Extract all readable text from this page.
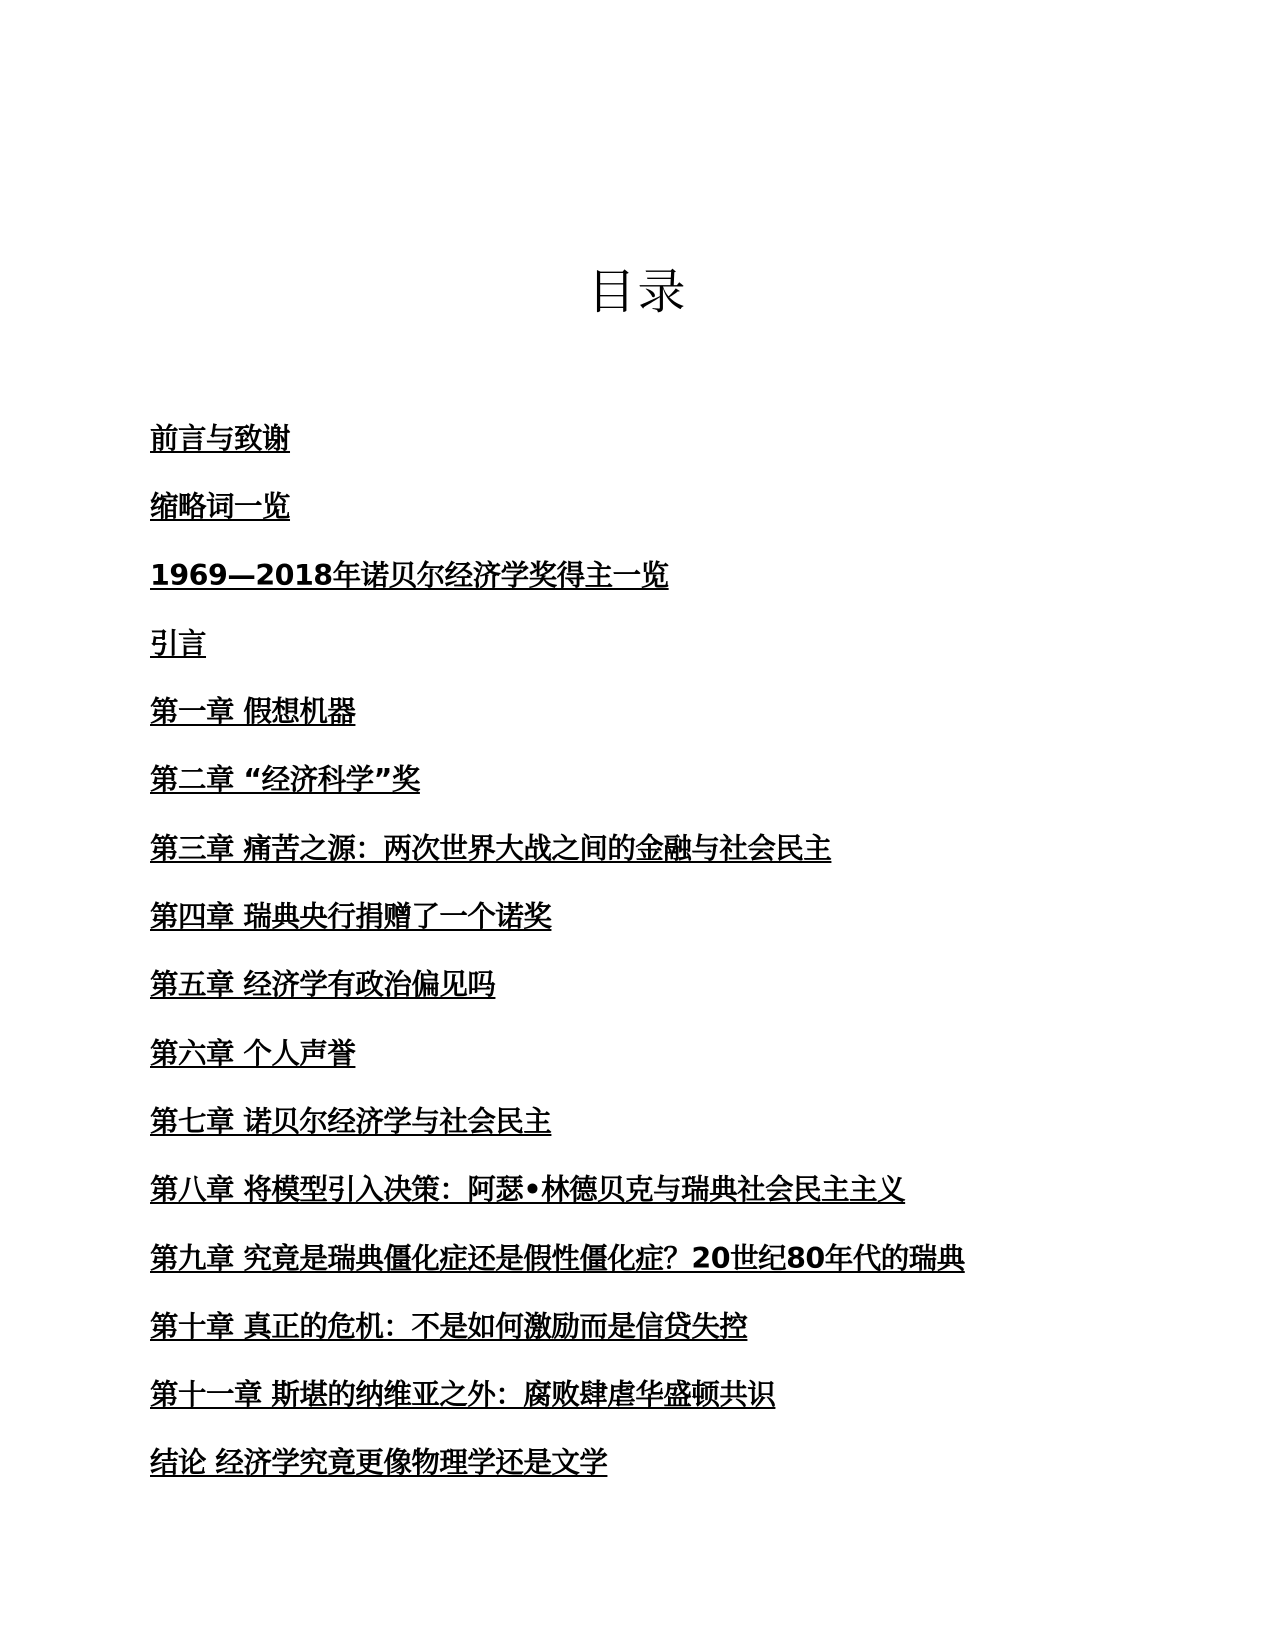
目录
前言与致谢
缩略词一览
1969—2018年诺贝尔经济学奖得主一览
引言
第一章 假想机器
第二章 “经济科学”奖
第三章 痛苦之源：两次世界大战之间的金融与社会民主
第四章 瑞典央行捐赠了一个诺奖
第五章 经济学有政治偏见吗
第六章 个人声誉
第七章 诺贝尔经济学与社会民主
第八章 将模型引入决策：阿瑟•林德贝克与瑞典社会民主主义
第九章 究竟是瑞典僵化症还是假性僵化症？20世纪80年代的瑞典
第十章 真正的危机：不是如何激励而是信贷失控
第十一章 斯堪的纳维亚之外：腐败肆虐华盛顿共识
结论 经济学究竟更像物理学还是文学
